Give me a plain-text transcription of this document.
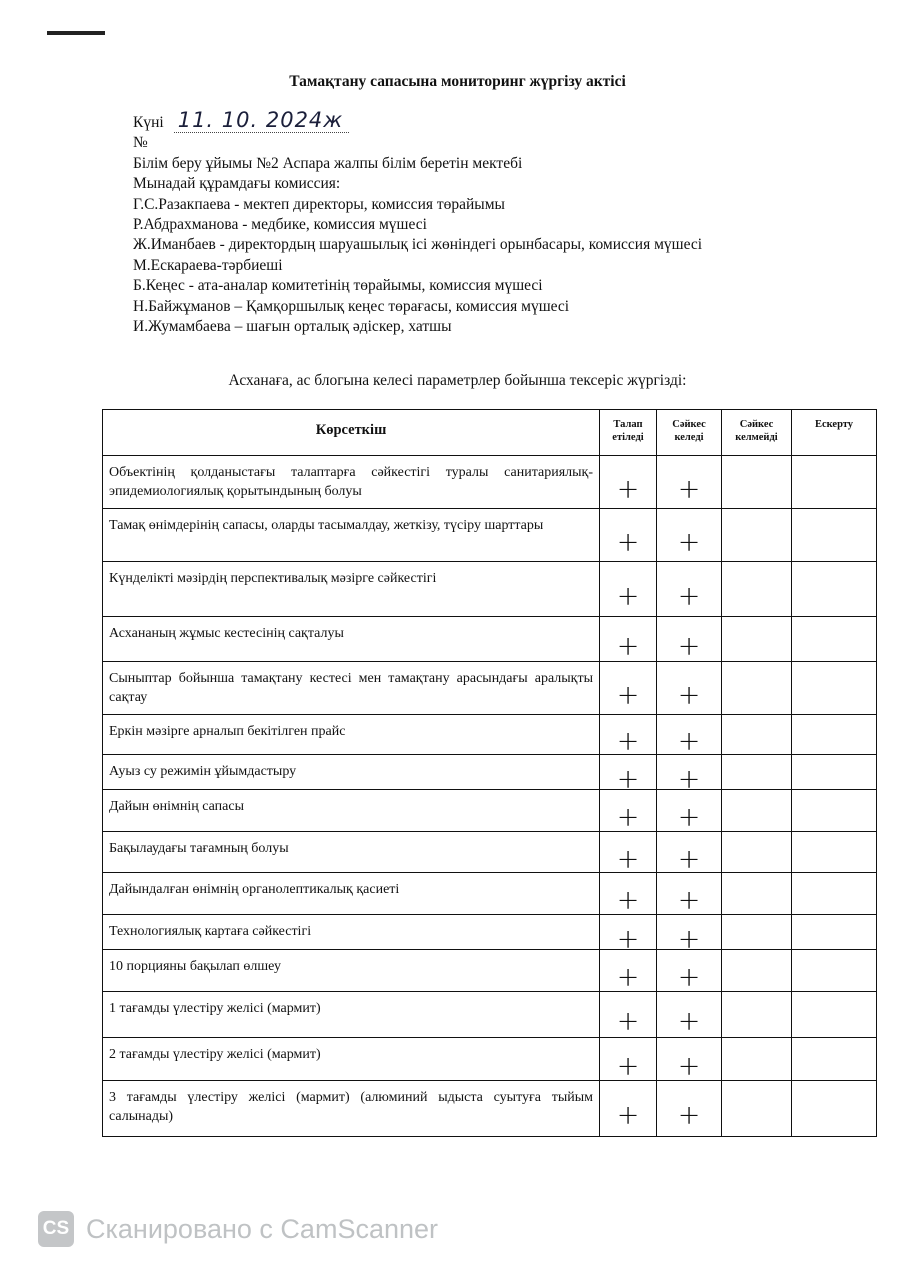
Тамақтану сапасына мониторинг жүргізу актісі
Күні 11. 10. 2024ж
№
Білім беру ұйымы №2 Аспара жалпы білім беретін мектебі
Мынадай құрамдағы комиссия:
Г.С.Разакпаева - мектеп директоры, комиссия төрайымы
Р.Абдрахманова - медбике, комиссия мүшесі
Ж.Иманбаев - директордың шаруашылық ісі жөніндегі орынбасары, комиссия мүшесі
М.Ескараева-тәрбиеші
Б.Кеңес - ата-аналар комитетінің төрайымы, комиссия мүшесі
Н.Байжұманов – Қамқоршылық кеңес төрағасы, комиссия мүшесі
И.Жумамбаева – шағын орталық әдіскер, хатшы
Асханаға, ас блогына келесі параметрлер бойынша тексеріс жүргізді:
Көрсеткіш	Талап етіледі	Сәйкес келеді	Сәйкес келмейді	Ескерту
Объектінің қолданыстағы талаптарға сәйкестігі туралы санитариялық-эпидемиологиялық қорытындының болуы	+	+		
Тамақ өнімдерінің сапасы, оларды тасымалдау, жеткізу, түсіру шарттары	+	+		
Күнделікті мәзірдің перспективалық мәзірге сәйкестігі	+	+		
Асхананың жұмыс кестесінің сақталуы	+	+		
Сыныптар бойынша тамақтану кестесі мен тамақтану арасындағы аралықты сақтау	+	+		
Еркін мәзірге арналып бекітілген прайс	+	+		
Ауыз су режимін ұйымдастыру	+	+		
Дайын өнімнің сапасы	+	+		
Бақылаудағы тағамның болуы	+	+		
Дайындалған өнімнің органолептикалық қасиеті	+	+		
Технологиялық картаға сәйкестігі	+	+		
10 порцияны бақылап өлшеу	+	+		
1 тағамды үлестіру желісі (мармит)	+	+		
2 тағамды үлестіру желісі (мармит)	+	+		
3 тағамды үлестіру желісі (мармит) (алюминий ыдыста суытуға тыйым салынады)	+	+		
CS Сканировано с CamScanner
